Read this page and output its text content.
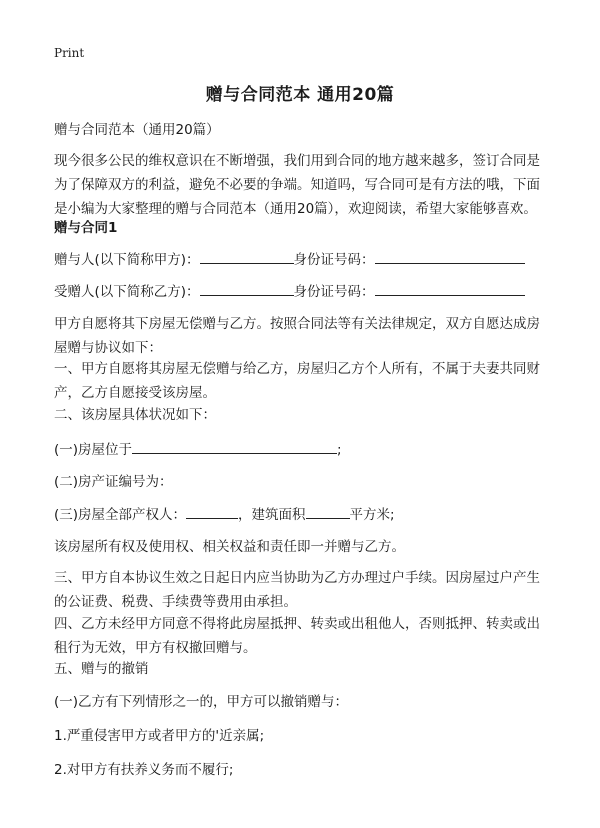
Print
赠与合同范本 通用20篇
赠与合同范本（通用20篇）
现今很多公民的维权意识在不断增强，我们用到合同的地方越来越多，签订合同是为了保障双方的利益，避免不必要的争端。知道吗，写合同可是有方法的哦，下面是小编为大家整理的赠与合同范本（通用20篇），欢迎阅读，希望大家能够喜欢。
赠与合同1
赠与人(以下简称甲方)：	身份证号码：
受赠人(以下简称乙方)：	身份证号码：
甲方自愿将其下房屋无偿赠与乙方。按照合同法等有关法律规定，双方自愿达成房屋赠与协议如下：
一、甲方自愿将其房屋无偿赠与给乙方，房屋归乙方个人所有，不属于夫妻共同财产，乙方自愿接受该房屋。
二、该房屋具体状况如下：
(一)房屋位于	;
(二)房产证编号为：
(三)房屋全部产权人：	，建筑面积	平方米;
该房屋所有权及使用权、相关权益和责任即一并赠与乙方。
三、甲方自本协议生效之日起日内应当协助为乙方办理过户手续。因房屋过户产生的公证费、税费、手续费等费用由承担。
四、乙方未经甲方同意不得将此房屋抵押、转卖或出租他人，否则抵押、转卖或出租行为无效，甲方有权撤回赠与。
五、赠与的撤销
(一)乙方有下列情形之一的，甲方可以撤销赠与：
1.严重侵害甲方或者甲方的'近亲属;
2.对甲方有扶养义务而不履行;
